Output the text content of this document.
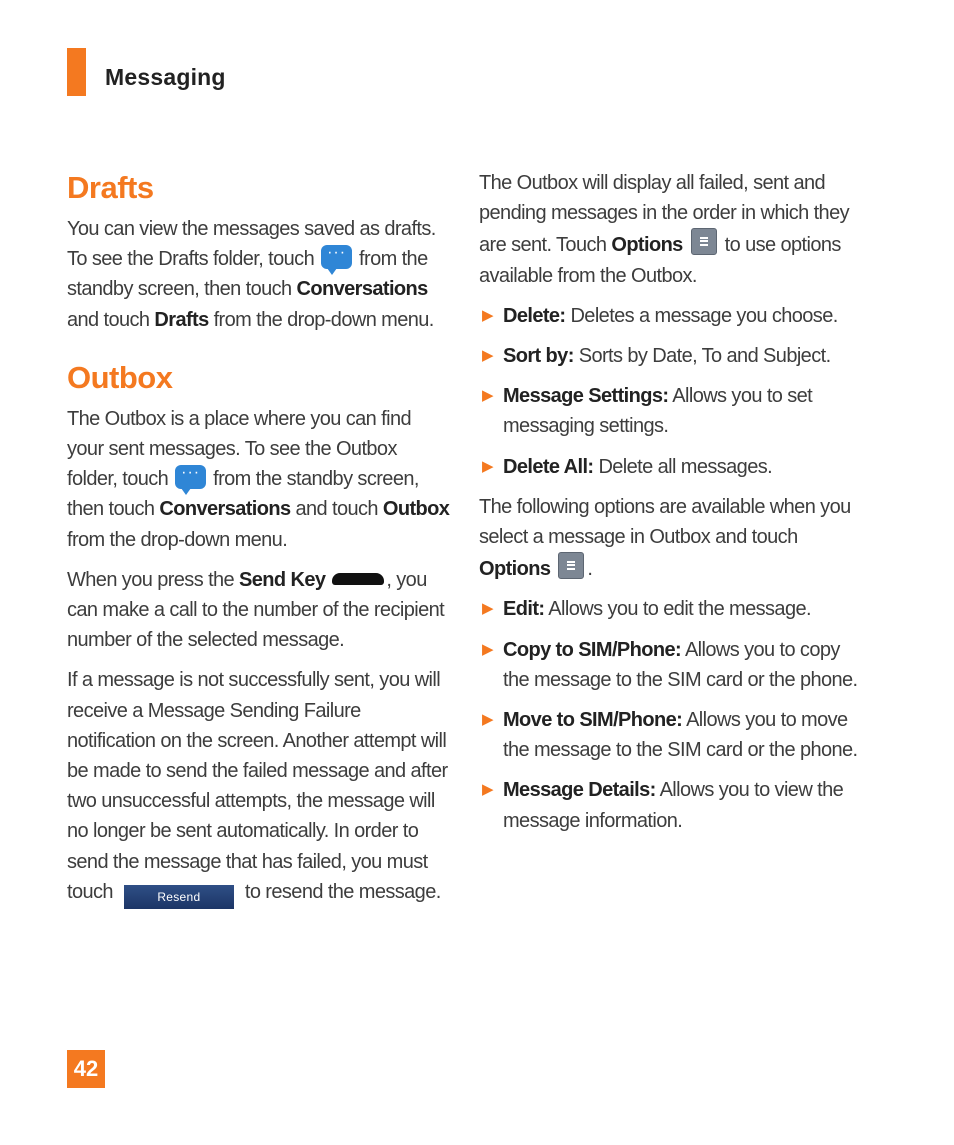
Messaging
Drafts

You can view the messages saved as drafts. To see the Drafts folder, touch ··· from the standby screen, then touch Conversations and touch Drafts from the drop-down menu.

Outbox

The Outbox is a place where you can find your sent messages. To see the Outbox folder, touch ··· from the standby screen, then touch Conversations and touch Outbox from the drop-down menu.

When you press the Send Key	, you can make a call to the number of the recipient number of the selected message.

If a message is not successfully sent, you will receive a Message Sending Failure notification on the screen. Another attempt will be made to send the failed message and after two unsuccessful attempts, the message will no longer be sent automatically. In order to send the message that has failed, you must touch	Resend to resend the message.

The Outbox will display all failed, sent and pending messages in the order in which they are sent. Touch Options to use options available from the Outbox.

▶ Delete: Deletes a message you choose.
▶ Sort by: Sorts by Date, To and Subject.
▶ Message Settings: Allows you to set messaging settings.
▶ Delete All: Delete all messages.

The following options are available when you select a message in Outbox and touch Options .

▶ Edit: Allows you to edit the message.
▶ Copy to SIM/Phone: Allows you to copy the message to the SIM card or the phone.
▶ Move to SIM/Phone: Allows you to move the message to the SIM card or the phone.
▶ Message Details: Allows you to view the message information.
42
